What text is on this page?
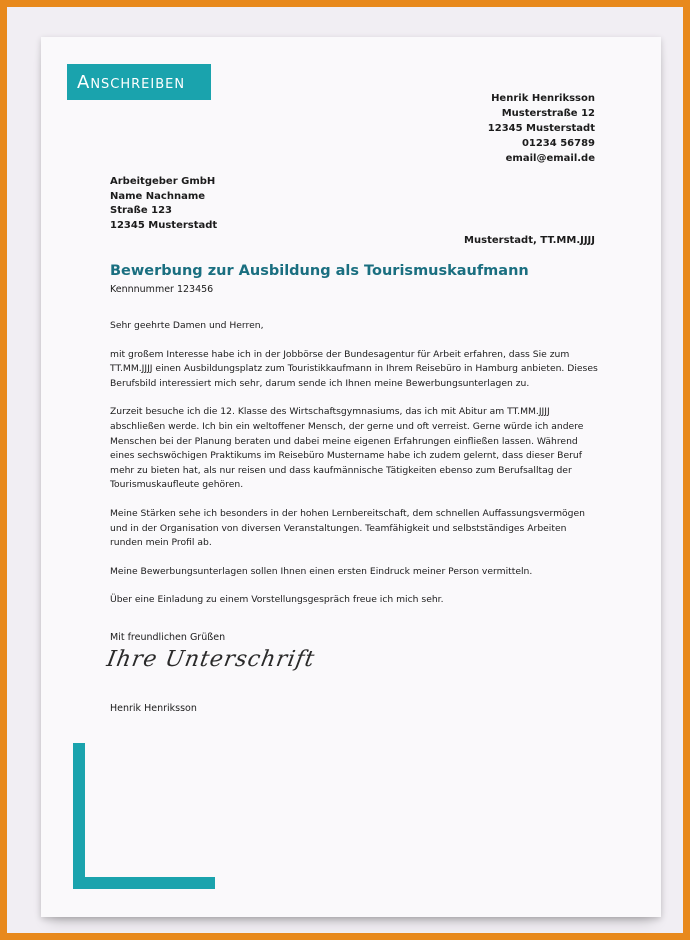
Anschreiben
Henrik Henriksson
Musterstraße 12
12345 Musterstadt
01234 56789
email@email.de
Arbeitgeber GmbH
Name Nachname
Straße 123
12345 Musterstadt
Musterstadt, TT.MM.JJJJ
Bewerbung zur Ausbildung als Tourismuskaufmann
Kennnummer 123456

Sehr geehrte Damen und Herren,

mit großem Interesse habe ich in der Jobbörse der Bundesagentur für Arbeit erfahren, dass Sie zum TT.MM.JJJJ einen Ausbildungsplatz zum Touristikkaufmann in Ihrem Reisebüro in Hamburg anbieten. Dieses Berufsbild interessiert mich sehr, darum sende ich Ihnen meine Bewerbungsunterlagen zu.

Zurzeit besuche ich die 12. Klasse des Wirtschaftsgymnasiums, das ich mit Abitur am TT.MM.JJJJ abschließen werde. Ich bin ein weltoffener Mensch, der gerne und oft verreist. Gerne würde ich andere Menschen bei der Planung beraten und dabei meine eigenen Erfahrungen einfließen lassen. Während eines sechswöchigen Praktikums im Reisebüro Mustername habe ich zudem gelernt, dass dieser Beruf mehr zu bieten hat, als nur reisen und dass kaufmännische Tätigkeiten ebenso zum Berufsalltag der Tourismuskaufleute gehören.

Meine Stärken sehe ich besonders in der hohen Lernbereitschaft, dem schnellen Auffassungsvermögen und in der Organisation von diversen Veranstaltungen. Teamfähigkeit und selbstständiges Arbeiten runden mein Profil ab.

Meine Bewerbungsunterlagen sollen Ihnen einen ersten Eindruck meiner Person vermitteln.

Über eine Einladung zu einem Vorstellungsgespräch freue ich mich sehr.

Mit freundlichen Grüßen
Ihre Unterschrift
Henrik Henriksson
